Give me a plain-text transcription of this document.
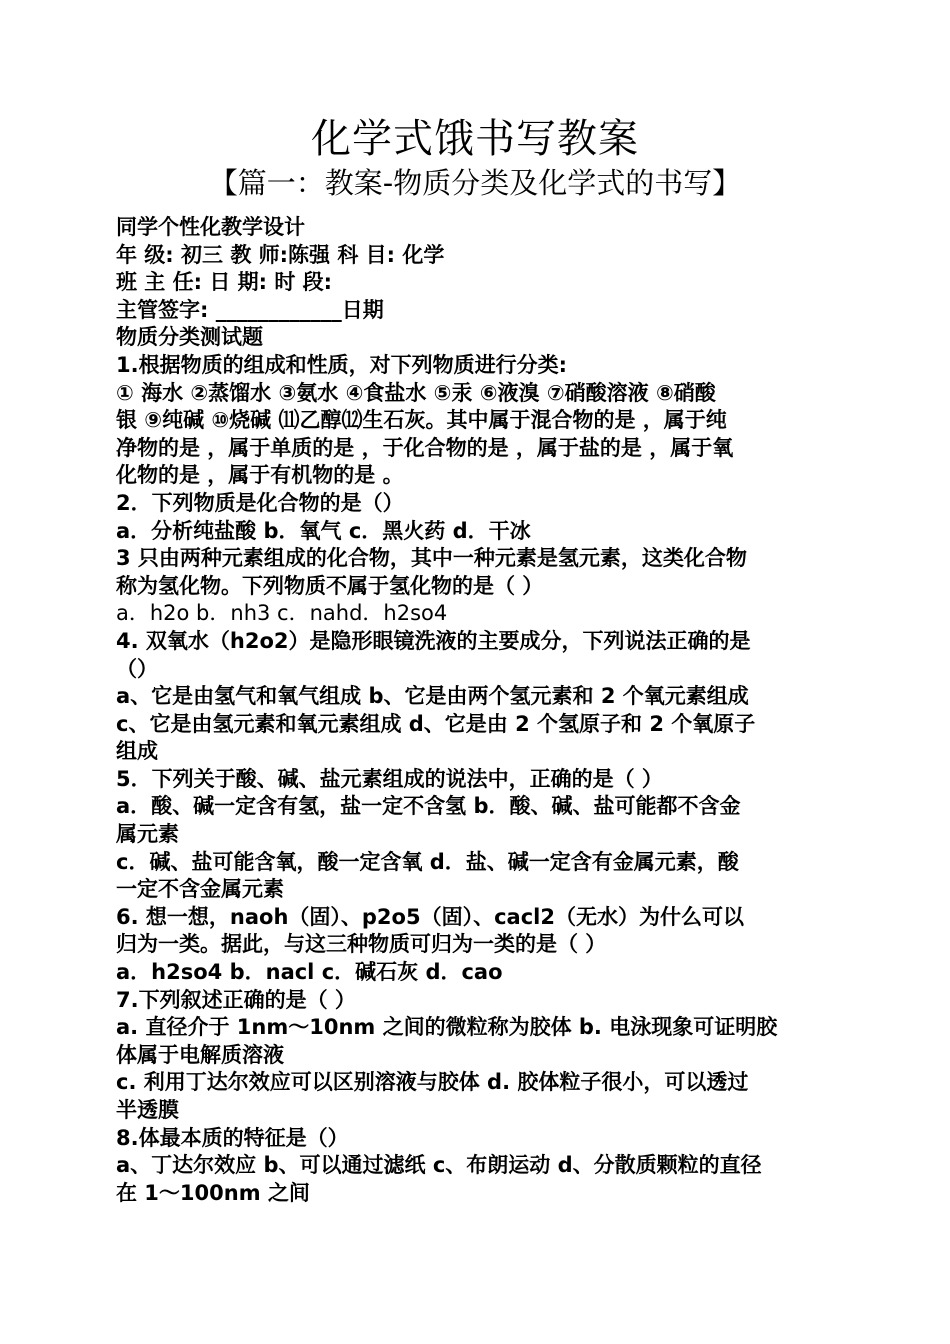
化学式饿书写教案
【篇一：教案-物质分类及化学式的书写】
同学个性化教学设计
年 级: 初三 教 师:陈强 科 目: 化学
班 主 任: 日 期: 时 段:
主管签字: ____________日期
物质分类测试题
1.根据物质的组成和性质，对下列物质进行分类:
① 海水 ②蒸馏水 ③氨水 ④食盐水 ⑤汞 ⑥液溴 ⑦硝酸溶液 ⑧硝酸
银 ⑨纯碱 ⑩烧碱 ⑾乙醇⑿生石灰。其中属于混合物的是 ，属于纯
净物的是 ，属于单质的是 ，于化合物的是 ，属于盐的是 ，属于氧
化物的是 ，属于有机物的是 。
2．下列物质是化合物的是（）
a．分析纯盐酸 b．氧气 c．黑火药 d．干冰
3 只由两种元素组成的化合物，其中一种元素是氢元素，这类化合物
称为氢化物。下列物质不属于氢化物的是（ ）
a．h2o b．nh3 c．nahd．h2so4
4. 双氧水（h2o2）是隐形眼镜洗液的主要成分，下列说法正确的是
（）
a、它是由氢气和氧气组成 b、它是由两个氢元素和 2 个氧元素组成
c、它是由氢元素和氧元素组成 d、它是由 2 个氢原子和 2 个氧原子
组成
5．下列关于酸、碱、盐元素组成的说法中，正确的是（ ）
a．酸、碱一定含有氢，盐一定不含氢 b．酸、碱、盐可能都不含金
属元素
c．碱、盐可能含氧，酸一定含氧 d．盐、碱一定含有金属元素，酸
一定不含金属元素
6. 想一想，naoh（固）、p2o5（固）、cacl2（无水）为什么可以
归为一类。据此，与这三种物质可归为一类的是（ ）
a．h2so4 b．nacl c．碱石灰 d．cao
7.下列叙述正确的是（ ）
a. 直径介于 1nm～10nm 之间的微粒称为胶体 b. 电泳现象可证明胶
体属于电解质溶液
c. 利用丁达尔效应可以区别溶液与胶体 d. 胶体粒子很小，可以透过
半透膜
8.体最本质的特征是（）
a、丁达尔效应 b、可以通过滤纸 c、布朗运动 d、分散质颗粒的直径
在 1～100nm 之间
